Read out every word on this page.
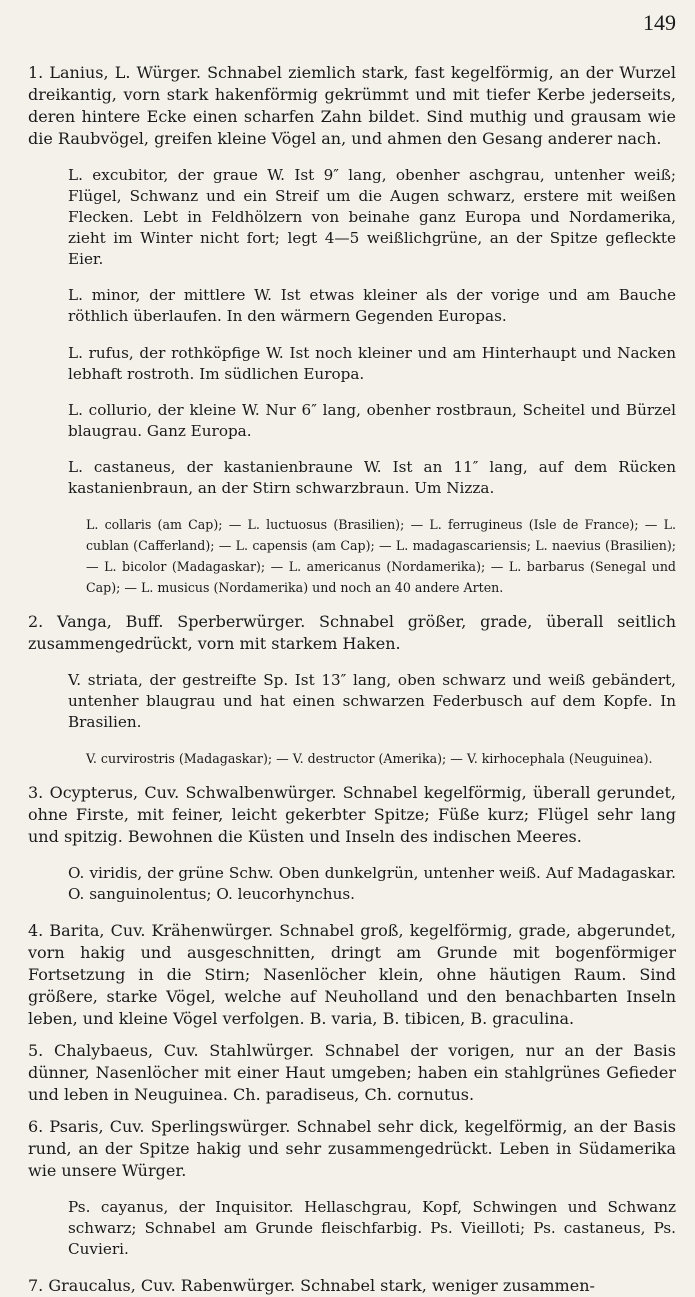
149

1. Lanius, L. Würger. Schnabel ziemlich stark, fast kegelförmig, an der Wurzel dreikantig, vorn stark hakenförmig gekrümmt und mit tiefer Kerbe jederseits, deren hintere Ecke einen scharfen Zahn bildet. Sind muthig und grausam wie die Raubvögel, greifen kleine Vögel an, und ahmen den Gesang anderer nach.

L. excubitor, der graue W. Ist 9″ lang, obenher aschgrau, untenher weiß; Flügel, Schwanz und ein Streif um die Augen schwarz, erstere mit weißen Flecken. Lebt in Feldhölzern von beinahe ganz Europa und Nordamerika, zieht im Winter nicht fort; legt 4—5 weißlichgrüne, an der Spitze gefleckte Eier.

L. minor, der mittlere W. Ist etwas kleiner als der vorige und am Bauche röthlich überlaufen. In den wärmern Gegenden Europas.

L. rufus, der rothköpfige W. Ist noch kleiner und am Hinterhaupt und Nacken lebhaft rostroth. Im südlichen Europa.

L. collurio, der kleine W. Nur 6″ lang, obenher rostbraun, Scheitel und Bürzel blaugrau. Ganz Europa.

L. castaneus, der kastanienbraune W. Ist an 11″ lang, auf dem Rücken kastanienbraun, an der Stirn schwarzbraun. Um Nizza.

L. collaris (am Cap); — L. luctuosus (Brasilien); — L. ferrugineus (Isle de France); — L. cublan (Cafferland); — L. capensis (am Cap); — L. madagascariensis; L. naevius (Brasilien); — L. bicolor (Madagaskar); — L. americanus (Nordamerika); — L. barbarus (Senegal und Cap); — L. musicus (Nordamerika) und noch an 40 andere Arten.

2. Vanga, Buff. Sperberwürger. Schnabel größer, grade, überall seitlich zusammengedrückt, vorn mit starkem Haken.

V. striata, der gestreifte Sp. Ist 13″ lang, oben schwarz und weiß gebändert, untenher blaugrau und hat einen schwarzen Federbusch auf dem Kopfe. In Brasilien.

V. curvirostris (Madagaskar); — V. destructor (Amerika); — V. kirhocephala (Neuguinea).

3. Ocypterus, Cuv. Schwalbenwürger. Schnabel kegelförmig, überall gerundet, ohne Firste, mit feiner, leicht gekerbter Spitze; Füße kurz; Flügel sehr lang und spitzig. Bewohnen die Küsten und Inseln des indischen Meeres.

O. viridis, der grüne Schw. Oben dunkelgrün, untenher weiß. Auf Madagaskar. O. sanguinolentus; O. leucorhynchus.

4. Barita, Cuv. Krähenwürger. Schnabel groß, kegelförmig, grade, abgerundet, vorn hakig und ausgeschnitten, dringt am Grunde mit bogenförmiger Fortsetzung in die Stirn; Nasenlöcher klein, ohne häutigen Raum. Sind größere, starke Vögel, welche auf Neuholland und den benachbarten Inseln leben, und kleine Vögel verfolgen. B. varia, B. tibicen, B. graculina.

5. Chalybaeus, Cuv. Stahlwürger. Schnabel der vorigen, nur an der Basis dünner, Nasenlöcher mit einer Haut umgeben; haben ein stahlgrünes Gefieder und leben in Neuguinea. Ch. paradiseus, Ch. cornutus.

6. Psaris, Cuv. Sperlingswürger. Schnabel sehr dick, kegelförmig, an der Basis rund, an der Spitze hakig und sehr zusammengedrückt. Leben in Südamerika wie unsere Würger.

Ps. cayanus, der Inquisitor. Hellaschgrau, Kopf, Schwingen und Schwanz schwarz; Schnabel am Grunde fleischfarbig. Ps. Vieilloti; Ps. castaneus, Ps. Cuvieri.

7. Graucalus, Cuv. Rabenwürger. Schnabel stark, weniger zusammen-
